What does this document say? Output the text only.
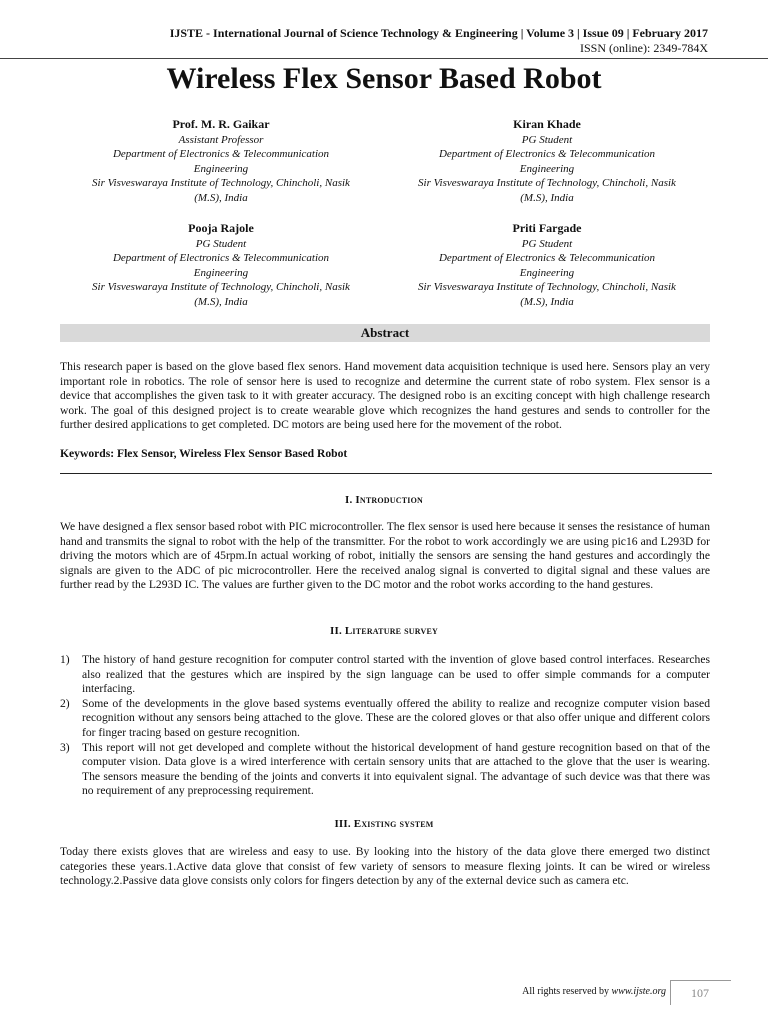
IJSTE - International Journal of Science Technology & Engineering | Volume 3 | Issue 09 | February 2017
ISSN (online): 2349-784X
Wireless Flex Sensor Based Robot
Prof. M. R. Gaikar
Assistant Professor
Department of Electronics & Telecommunication
Engineering
Sir Visveswaraya Institute of Technology, Chincholi, Nasik
(M.S), India
Kiran Khade
PG Student
Department of Electronics & Telecommunication
Engineering
Sir Visveswaraya Institute of Technology, Chincholi, Nasik
(M.S), India
Pooja Rajole
PG Student
Department of Electronics & Telecommunication
Engineering
Sir Visveswaraya Institute of Technology, Chincholi, Nasik
(M.S), India
Priti Fargade
PG Student
Department of Electronics & Telecommunication
Engineering
Sir Visveswaraya Institute of Technology, Chincholi, Nasik
(M.S), India
Abstract
This research paper is based on the glove based flex senors. Hand movement data acquisition technique is used here. Sensors play an very important role in robotics. The role of sensor here is used to recognize and determine the current state of robo system. Flex sensor is a device that accomplishes the given task to it with greater accuracy. The designed robo is an exciting concept with high challenge research work. The goal of this designed project is to create wearable glove which recognizes the hand gestures and sends to controller for the further desired applications to get completed. DC motors are being used here for the movement of the robot.
Keywords: Flex Sensor, Wireless Flex Sensor Based Robot
I. Introduction
We have designed a flex sensor based robot with PIC microcontroller. The flex sensor is used here because it senses the resistance of human hand and transmits the signal to robot with the help of the transmitter. For the robot to work accordingly we are using pic16 and L293D for driving the motors which are of 45rpm.In actual working of robot, initially the sensors are sensing the hand gestures and accordingly the signals are given to the ADC of pic microcontroller. Here the received analog signal is converted to digital signal and these values are further read by the L293D IC. The values are further given to the DC motor and the robot works according to the hand gestures.
II. Literature survey
1) The history of hand gesture recognition for computer control started with the invention of glove based control interfaces. Researches also realized that the gestures which are inspired by the sign language can be used to offer simple commands for a computer interfacing.
2) Some of the developments in the glove based systems eventually offered the ability to realize and recognize computer vision based recognition without any sensors being attached to the glove. These are the colored gloves or that also offer unique and different colors for finger tracing based on gesture recognition.
3) This report will not get developed and complete without the historical development of hand gesture recognition based on that of the computer vision. Data glove is a wired interference with certain sensory units that are attached to the glove that the user is wearing. The sensors measure the bending of the joints and converts it into equivalent signal. The advantage of such device was that there was no requirement of any preprocessing requirement.
III. Existing system
Today there exists gloves that are wireless and easy to use. By looking into the history of the data glove there emerged two distinct categories these years.1.Active data glove that consist of few variety of sensors to measure flexing joints. It can be wired or wireless technology.2.Passive data glove consists only colors for fingers detection by any of the external device such as camera etc.
All rights reserved by www.ijste.org	107
